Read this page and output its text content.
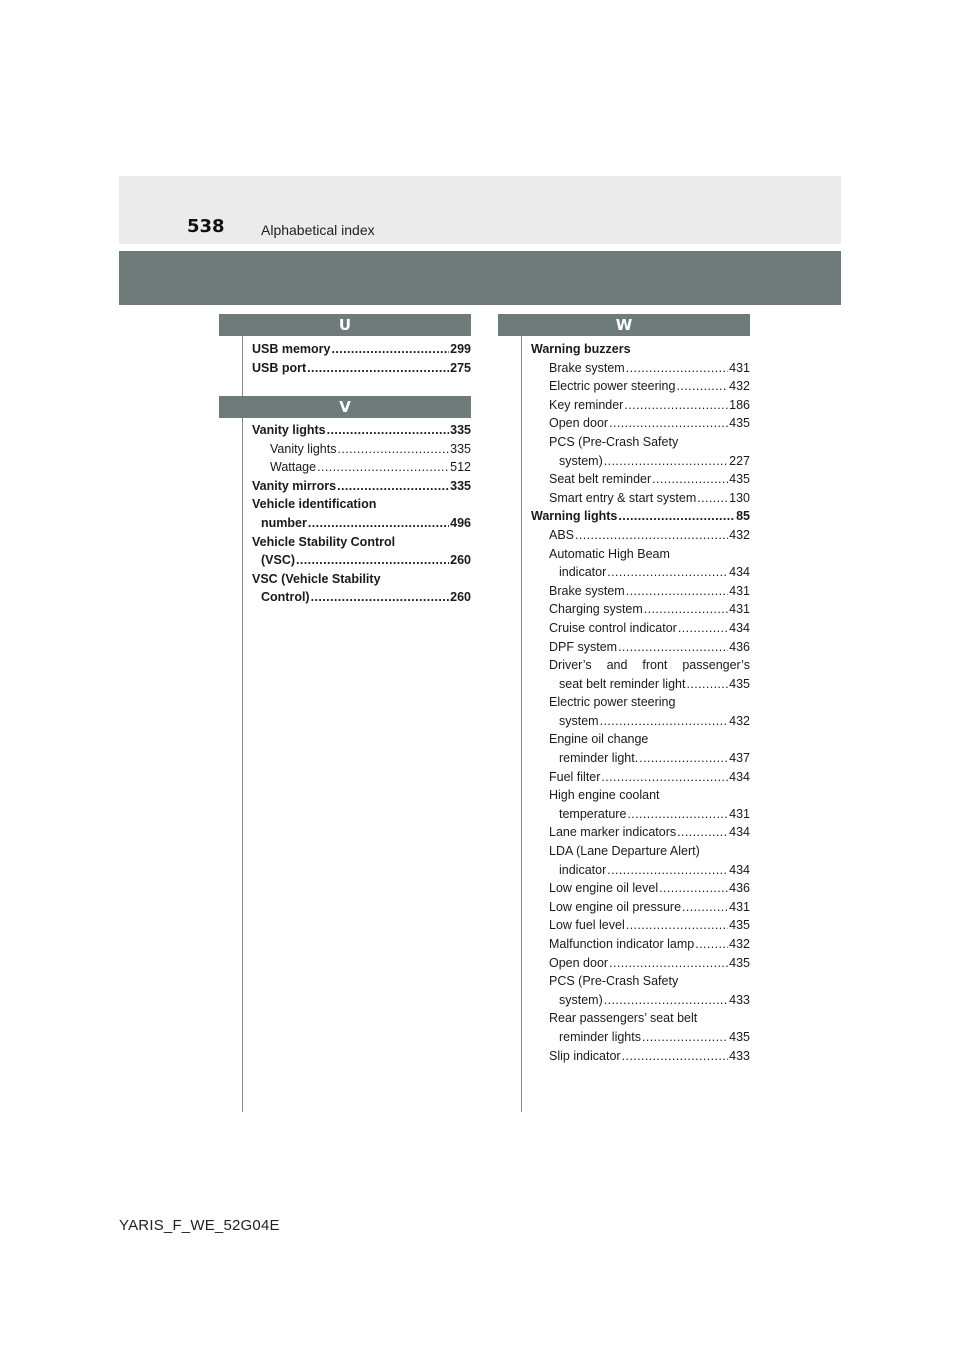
538	Alphabetical index
U
USB memory .....	299
USB port .....	275
V
Vanity lights .....	335
Vanity lights .....	335
Wattage .....	512
Vanity mirrors .....	335
Vehicle identification
number .....	496
Vehicle Stability Control
(VSC) .....	260
VSC (Vehicle Stability
Control) .....	260
W
Warning buzzers
Brake system .....	431
Electric power steering .....	432
Key reminder .....	186
Open door .....	435
PCS (Pre-Crash Safety
system) .....	227
Seat belt reminder .....	435
Smart entry & start system .....	130
Warning lights .....	85
ABS .....	432
Automatic High Beam
indicator .....	434
Brake system .....	431
Charging system .....	431
Cruise control indicator .....	434
DPF system .....	436
Driver’s and front passenger’s
seat belt reminder light .....	435
Electric power steering
system .....	432
Engine oil change
reminder light. .....	437
Fuel filter .....	434
High engine coolant
temperature .....	431
Lane marker indicators .....	434
LDA (Lane Departure Alert)
indicator .....	434
Low engine oil level .....	436
Low engine oil pressure .....	431
Low fuel level .....	435
Malfunction indicator lamp .....	432
Open door .....	435
PCS (Pre-Crash Safety
system) .....	433
Rear passengers’ seat belt
reminder lights .....	435
Slip indicator .....	433
YARIS_F_WE_52G04E
